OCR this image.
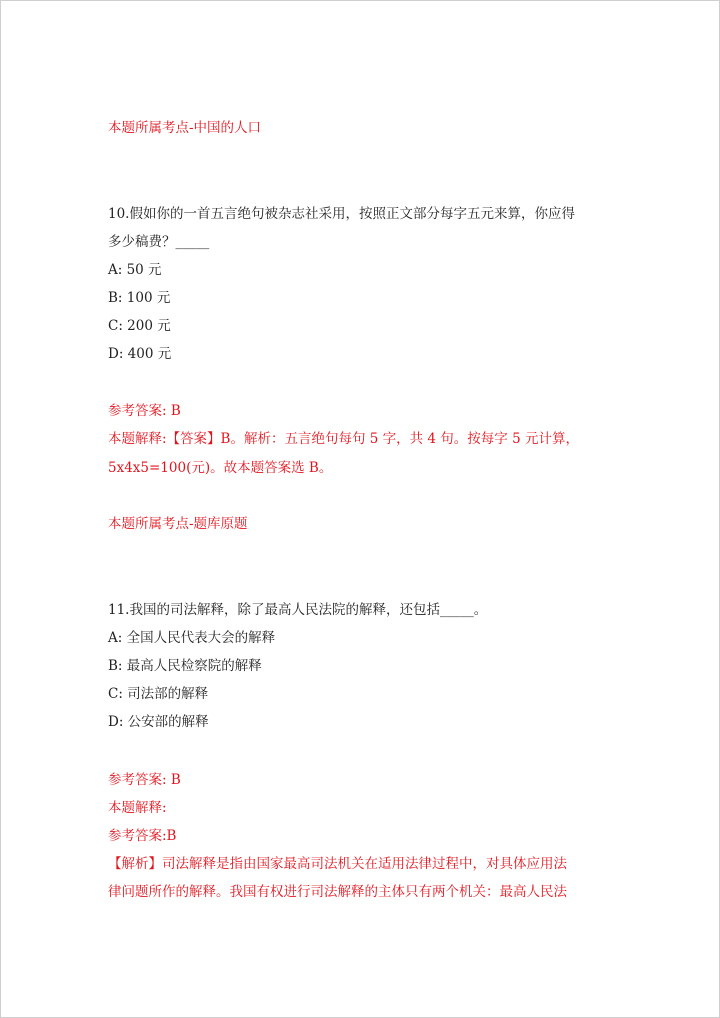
本题所属考点-中国的人口
10.假如你的一首五言绝句被杂志社采用，按照正文部分每字五元来算，你应得
多少稿费？_____
A: 50 元
B: 100 元
C: 200 元
D: 400 元
参考答案: B
本题解释:【答案】B。解析：五言绝句每句 5 字，共 4 句。按每字 5 元计算，
5x4x5=100(元)。故本题答案选 B。
本题所属考点-题库原题
11.我国的司法解释，除了最高人民法院的解释，还包括_____。
A: 全国人民代表大会的解释
B: 最高人民检察院的解释
C: 司法部的解释
D: 公安部的解释
参考答案: B
本题解释:
参考答案:B
【解析】司法解释是指由国家最高司法机关在适用法律过程中，对具体应用法
律问题所作的解释。我国有权进行司法解释的主体只有两个机关：最高人民法
